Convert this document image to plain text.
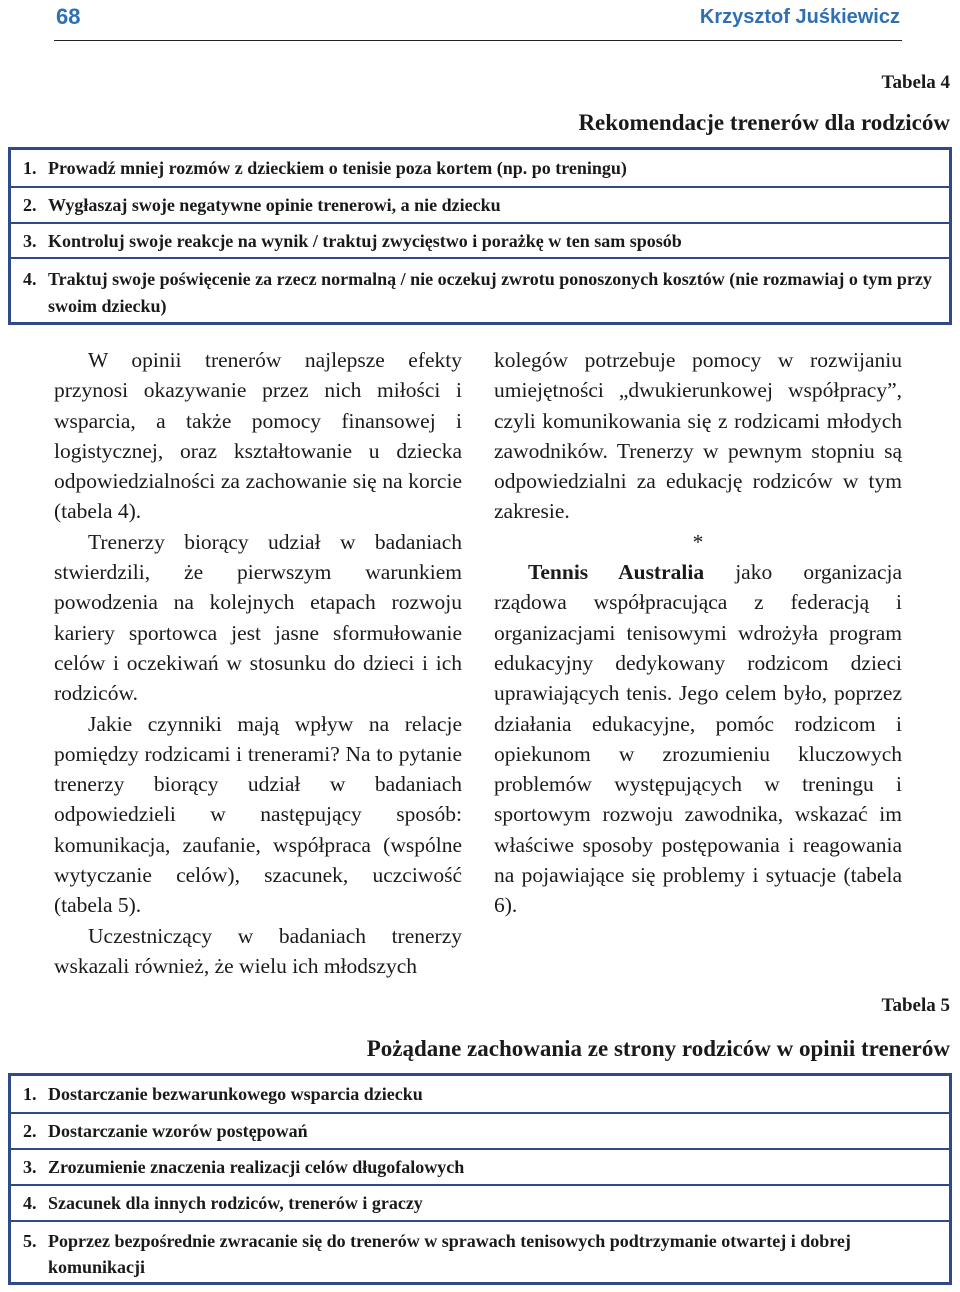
68	Krzysztof Juśkiewicz
Tabela 4
Rekomendacje trenerów dla rodziców
1. Prowadź mniej rozmów z dzieckiem o tenisie poza kortem (np. po treningu)
2. Wygłaszaj swoje negatywne opinie trenerowi, a nie dziecku
3. Kontroluj swoje reakcje na wynik / traktuj zwycięstwo i porażkę w ten sam sposób
4. Traktuj swoje poświęcenie za rzecz normalną / nie oczekuj zwrotu ponoszonych kosztów (nie rozmawiaj o tym przy swoim dziecku)

W opinii trenerów najlepsze efekty przynosi okazywanie przez nich miłości i wsparcia, a także pomocy finansowej i logistycznej, oraz kształtowanie u dziecka odpowiedzialności za zachowanie się na korcie (tabela 4).

Trenerzy biorący udział w badaniach stwierdzili, że pierwszym warunkiem powodzenia na kolejnych etapach rozwoju kariery sportowca jest jasne sformułowanie celów i oczekiwań w stosunku do dzieci i ich rodziców.

Jakie czynniki mają wpływ na relacje pomiędzy rodzicami i trenerami? Na to pytanie trenerzy biorący udział w badaniach odpowiedzieli w następujący sposób: komunikacja, zaufanie, współpraca (wspólne wytyczanie celów), szacunek, uczciwość (tabela 5).

Uczestniczący w badaniach trenerzy wskazali również, że wielu ich młodszych

kolegów potrzebuje pomocy w rozwijaniu umiejętności „dwukierunkowej współpracy”, czyli komunikowania się z rodzicami młodych zawodników. Trenerzy w pewnym stopniu są odpowiedzialni za edukację rodziców w tym zakresie.

*

Tennis Australia jako organizacja rządowa współpracująca z federacją i organizacjami tenisowymi wdrożyła program edukacyjny dedykowany rodzicom dzieci uprawiających tenis. Jego celem było, poprzez działania edukacyjne, pomóc rodzicom i opiekunom w zrozumieniu kluczowych problemów występujących w treningu i sportowym rozwoju zawodnika, wskazać im właściwe sposoby postępowania i reagowania na pojawiające się problemy i sytuacje (tabela 6).

Tabela 5
Pożądane zachowania ze strony rodziców w opinii trenerów
1. Dostarczanie bezwarunkowego wsparcia dziecku
2. Dostarczanie wzorów postępowań
3. Zrozumienie znaczenia realizacji celów długofalowych
4. Szacunek dla innych rodziców, trenerów i graczy
5. Poprzez bezpośrednie zwracanie się do trenerów w sprawach tenisowych podtrzymanie otwartej i dobrej komunikacji
